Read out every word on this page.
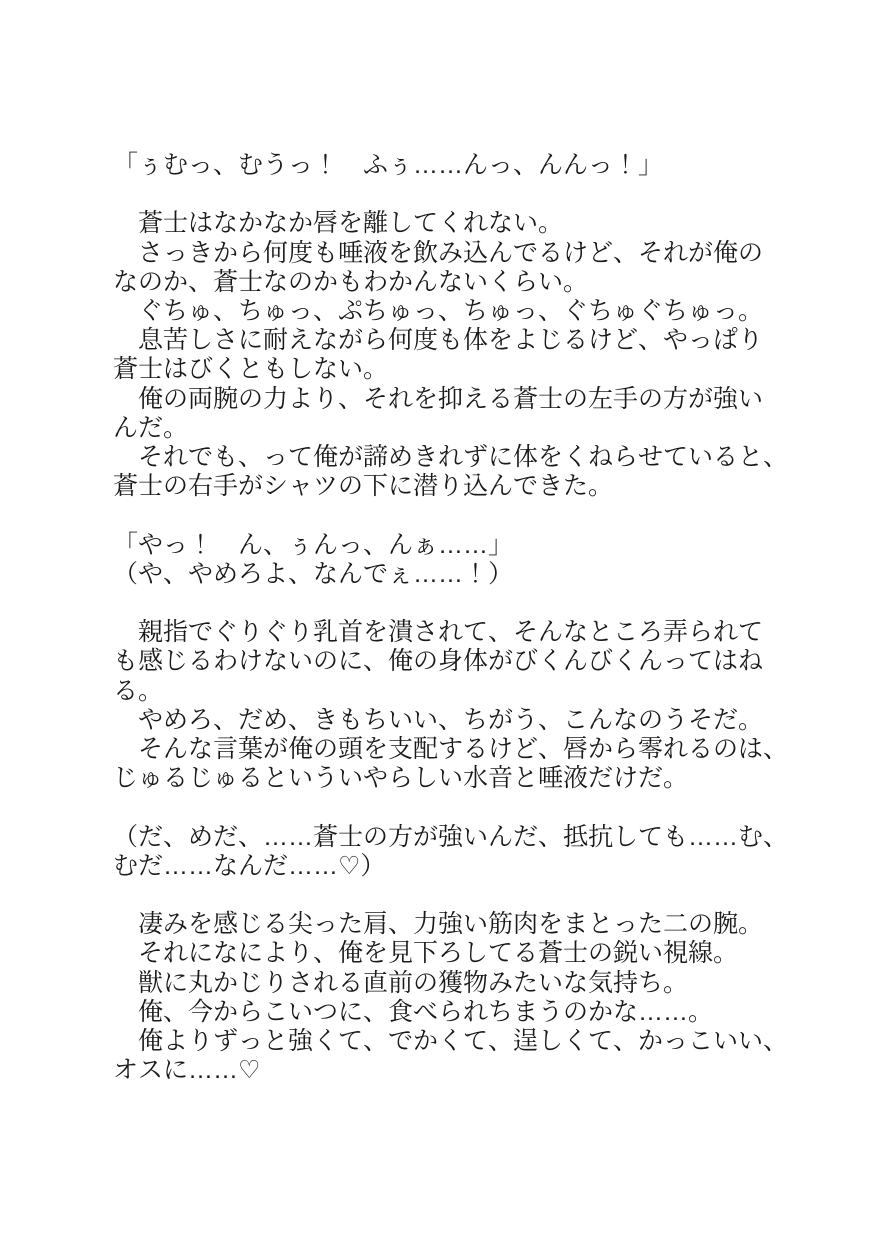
「ぅむっ、むうっ！　ふぅ……んっ、んんっ！」
　蒼士はなかなか唇を離してくれない。
　さっきから何度も唾液を飲み込んでるけど、それが俺の
なのか、蒼士なのかもわかんないくらい。
　ぐちゅ、ちゅっ、ぷちゅっ、ちゅっ、ぐちゅぐちゅっ。
　息苦しさに耐えながら何度も体をよじるけど、やっぱり
蒼士はびくともしない。
　俺の両腕の力より、それを抑える蒼士の左手の方が強い
んだ。
　それでも、って俺が諦めきれずに体をくねらせていると、
蒼士の右手がシャツの下に潜り込んできた。
「やっ！　ん、ぅんっ、んぁ……」
（や、やめろよ、なんでぇ……！）
　親指でぐりぐり乳首を潰されて、そんなところ弄られて
も感じるわけないのに、俺の身体がびくんびくんってはね
る。
　やめろ、だめ、きもちいい、ちがう、こんなのうそだ。
　そんな言葉が俺の頭を支配するけど、唇から零れるのは、
じゅるじゅるといういやらしい水音と唾液だけだ。
（だ、めだ、……蒼士の方が強いんだ、抵抗しても……む、
むだ……なんだ……♡）
　凄みを感じる尖った肩、力強い筋肉をまとった二の腕。
　それになにより、俺を見下ろしてる蒼士の鋭い視線。
　獣に丸かじりされる直前の獲物みたいな気持ち。
　俺、今からこいつに、食べられちまうのかな……。
　俺よりずっと強くて、でかくて、逞しくて、かっこいい、
オスに……♡
